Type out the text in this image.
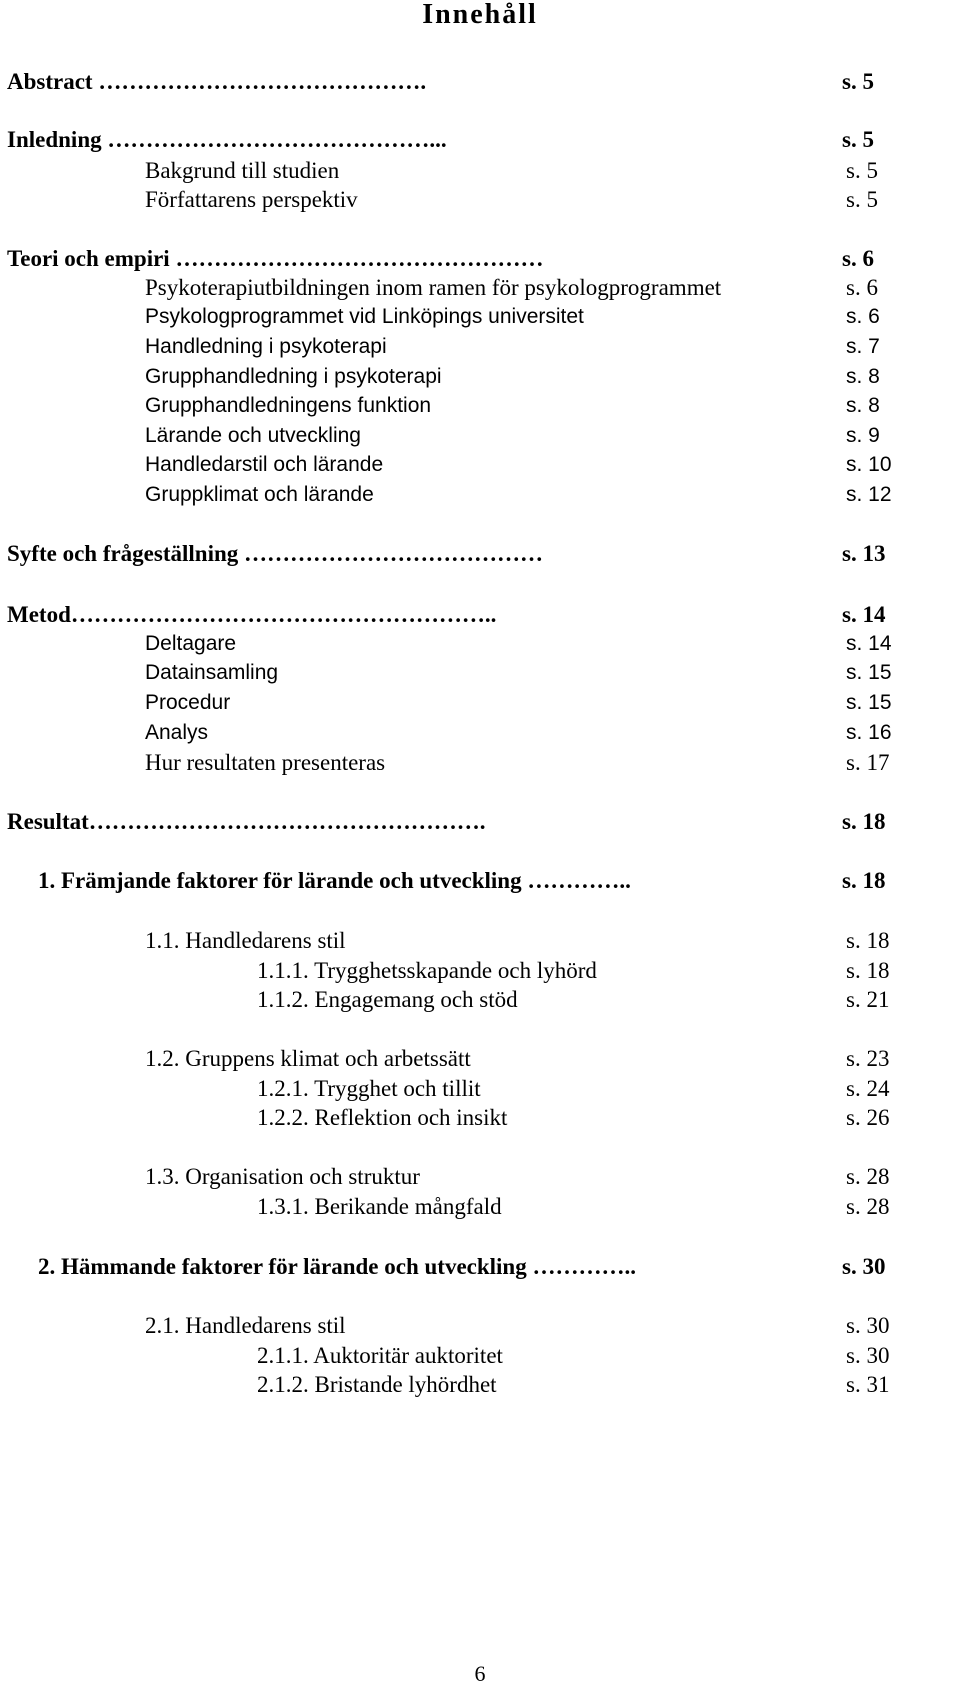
Innehåll
Abstract …………………………………….	s. 5
Inledning ……………………………………...	s. 5
Bakgrund till studien	s. 5
Författarens perspektiv	s. 5
Teori och empiri …………………………………………	s. 6
Psykoterapiutbildningen inom ramen för psykologprogrammet	s. 6
Psykologprogrammet vid Linköpings universitet	s. 6
Handledning i psykoterapi	s. 7
Grupphandledning i psykoterapi	s. 8
Grupphandledningens funktion	s. 8
Lärande och utveckling	s. 9
Handledarstil och lärande	s. 10
Gruppklimat och lärande	s. 12
Syfte och frågeställning …………………………………	s. 13
Metod………………………………………………..	s. 14
Deltagare	s. 14
Datainsamling	s. 15
Procedur	s. 15
Analys	s. 16
Hur resultaten presenteras	s. 17
Resultat…………………………………………….	s. 18
1. Främjande faktorer för lärande och utveckling …………..	s. 18
1.1. Handledarens stil	s. 18
1.1.1. Trygghetsskapande och lyhörd	s. 18
1.1.2. Engagemang och stöd	s. 21
1.2. Gruppens klimat och arbetssätt	s. 23
1.2.1. Trygghet och tillit	s. 24
1.2.2. Reflektion och insikt	s. 26
1.3. Organisation och struktur	s. 28
1.3.1. Berikande mångfald	s. 28
2. Hämmande faktorer för lärande och utveckling …………..	s. 30
2.1. Handledarens stil	s. 30
2.1.1. Auktoritär auktoritet	s. 30
2.1.2. Bristande lyhördhet	s. 31
6
